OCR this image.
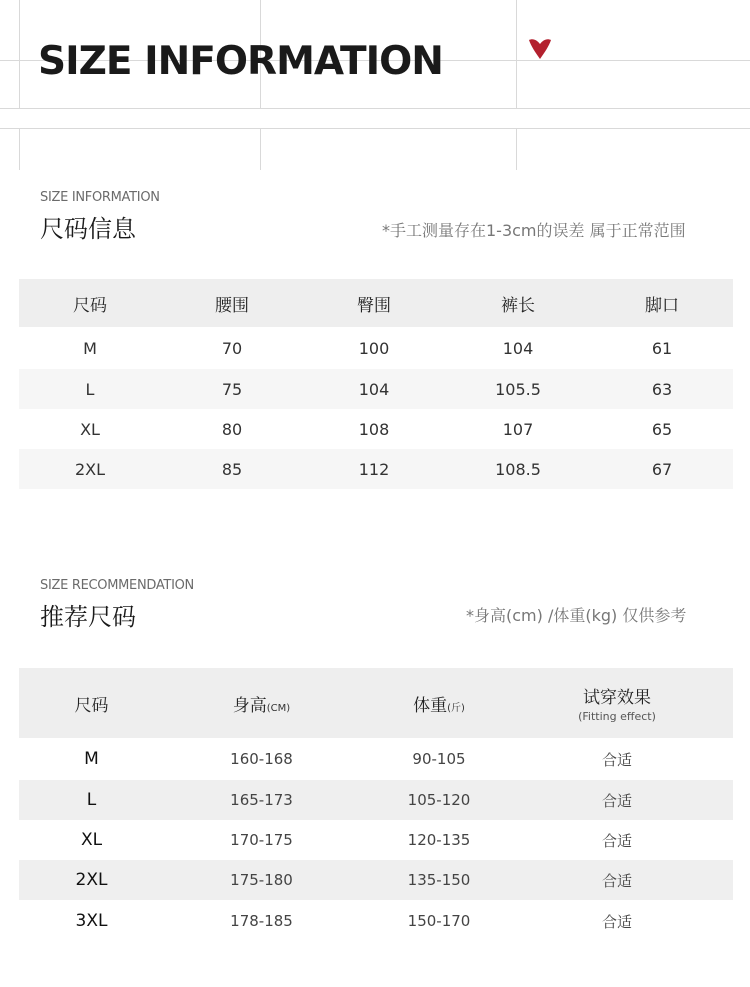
SIZE INFORMATION
SIZE INFORMATION
尺码信息	*手工测量存在1-3cm的误差 属于正常范围
尺码	腰围	臀围	裤长	脚口
M	70	100	104	61
L	75	104	105.5	63
XL	80	108	107	65
2XL	85	112	108.5	67
SIZE RECOMMENDATION
推荐尺码	*身高(cm) /体重(kg) 仅供参考
尺码	身高(CM)	体重(斤)	试穿效果
(Fitting effect)
M	160-168	90-105	合适
L	165-173	105-120	合适
XL	170-175	120-135	合适
2XL	175-180	135-150	合适
3XL	178-185	150-170	合适
